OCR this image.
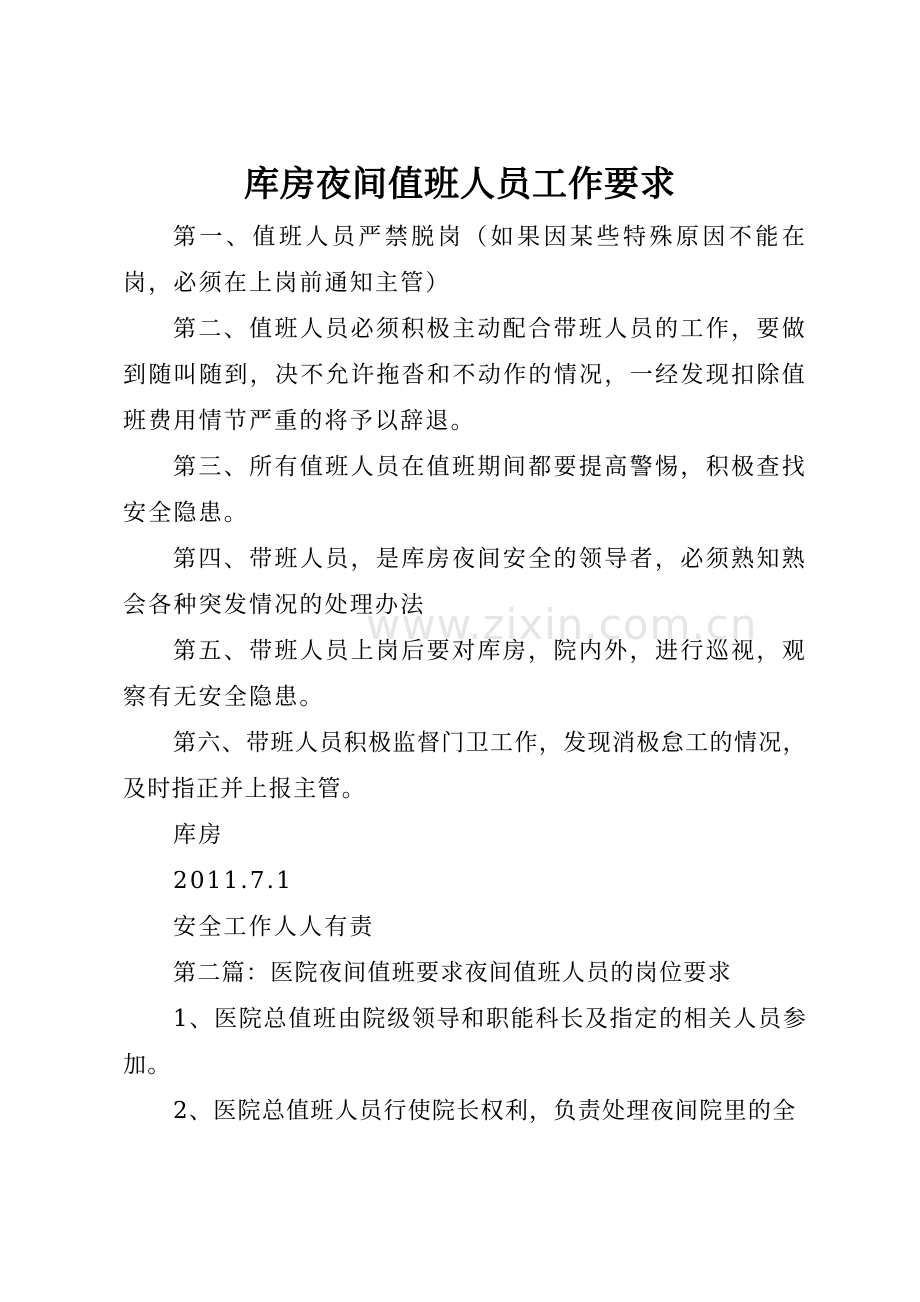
库房夜间值班人员工作要求

第一、值班人员严禁脱岗（如果因某些特殊原因不能在岗，必须在上岗前通知主管）

第二、值班人员必须积极主动配合带班人员的工作，要做到随叫随到，决不允许拖沓和不动作的情况，一经发现扣除值班费用情节严重的将予以辞退。

第三、所有值班人员在值班期间都要提高警惕，积极查找安全隐患。

第四、带班人员，是库房夜间安全的领导者，必须熟知熟会各种突发情况的处理办法

第五、带班人员上岗后要对库房，院内外，进行巡视，观察有无安全隐患。

第六、带班人员积极监督门卫工作，发现消极怠工的情况，及时指正并上报主管。

库房

2011.7.1

安全工作人人有责

第二篇：医院夜间值班要求夜间值班人员的岗位要求

1、医院总值班由院级领导和职能科长及指定的相关人员参加。

2、医院总值班人员行使院长权利，负责处理夜间院里的全

www.zixin.com.cn
